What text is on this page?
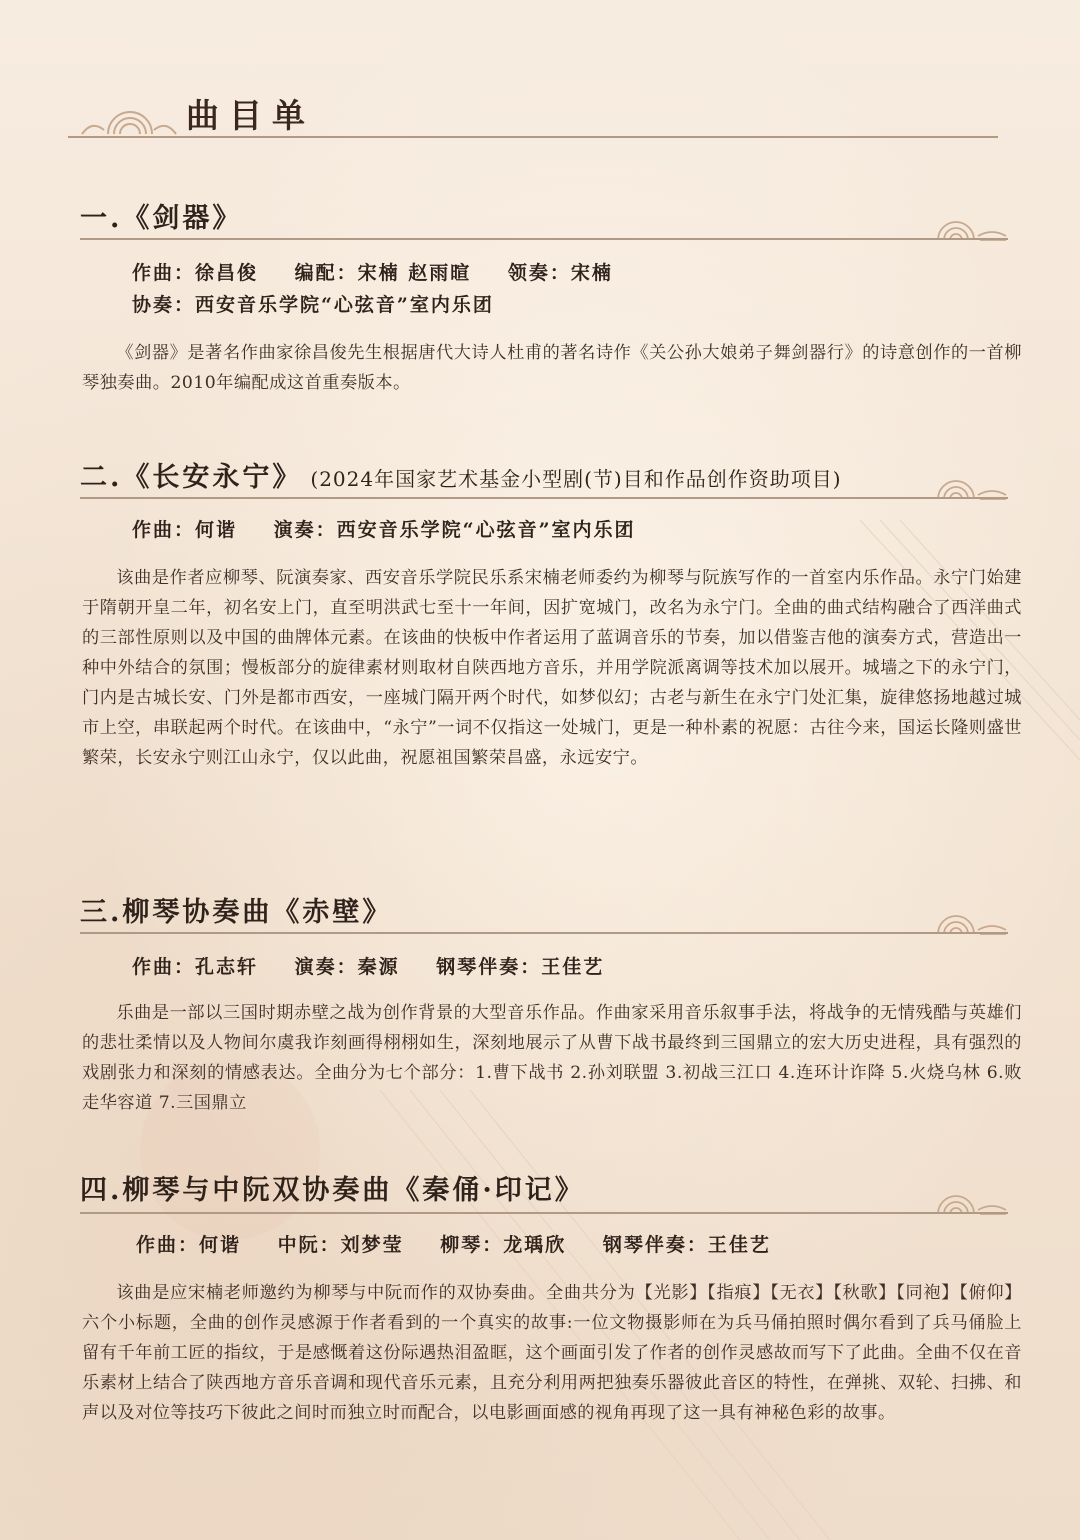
曲目单
一.《剑器》
作曲：徐昌俊 编配：宋楠 赵雨暄 领奏：宋楠
协奏：西安音乐学院“心弦音”室内乐团

《剑器》是著名作曲家徐昌俊先生根据唐代大诗人杜甫的著名诗作《关公孙大娘弟子舞剑器行》的诗意创作的一首柳琴独奏曲。2010年编配成这首重奏版本。

二.《长安永宁》 (2024年国家艺术基金小型剧(节)目和作品创作资助项目)
作曲：何谐 演奏：西安音乐学院“心弦音”室内乐团

该曲是作者应柳琴、阮演奏家、西安音乐学院民乐系宋楠老师委约为柳琴与阮族写作的一首室内乐作品。永宁门始建于隋朝开皇二年，初名安上门，直至明洪武七至十一年间，因扩宽城门，改名为永宁门。全曲的曲式结构融合了西洋曲式的三部性原则以及中国的曲牌体元素。在该曲的快板中作者运用了蓝调音乐的节奏，加以借鉴吉他的演奏方式，营造出一种中外结合的氛围；慢板部分的旋律素材则取材自陕西地方音乐，并用学院派离调等技术加以展开。城墙之下的永宁门，门内是古城长安、门外是都市西安，一座城门隔开两个时代，如梦似幻；古老与新生在永宁门处汇集，旋律悠扬地越过城市上空，串联起两个时代。在该曲中，“永宁”一词不仅指这一处城门，更是一种朴素的祝愿：古往今来，国运长隆则盛世繁荣，长安永宁则江山永宁，仅以此曲，祝愿祖国繁荣昌盛，永远安宁。

三.柳琴协奏曲《赤壁》
作曲：孔志轩 演奏：秦源 钢琴伴奏：王佳艺

乐曲是一部以三国时期赤壁之战为创作背景的大型音乐作品。作曲家采用音乐叙事手法，将战争的无情残酷与英雄们的悲壮柔情以及人物间尔虞我诈刻画得栩栩如生，深刻地展示了从曹下战书最终到三国鼎立的宏大历史进程，具有强烈的戏剧张力和深刻的情感表达。全曲分为七个部分：1.曹下战书 2.孙刘联盟 3.初战三江口 4.连环计诈降 5.火烧乌林 6.败走华容道 7.三国鼎立

四.柳琴与中阮双协奏曲《秦俑·印记》
作曲：何谐 中阮：刘梦莹 柳琴：龙瑀欣 钢琴伴奏：王佳艺

该曲是应宋楠老师邀约为柳琴与中阮而作的双协奏曲。全曲共分为【光影】【指痕】【无衣】【秋歌】【同袍】【俯仰】六个小标题，全曲的创作灵感源于作者看到的一个真实的故事:一位文物摄影师在为兵马俑拍照时偶尔看到了兵马俑脸上留有千年前工匠的指纹，于是感慨着这份际遇热泪盈眶，这个画面引发了作者的创作灵感故而写下了此曲。全曲不仅在音乐素材上结合了陕西地方音乐音调和现代音乐元素，且充分利用两把独奏乐器彼此音区的特性，在弹挑、双轮、扫拂、和声以及对位等技巧下彼此之间时而独立时而配合，以电影画面感的视角再现了这一具有神秘色彩的故事。
